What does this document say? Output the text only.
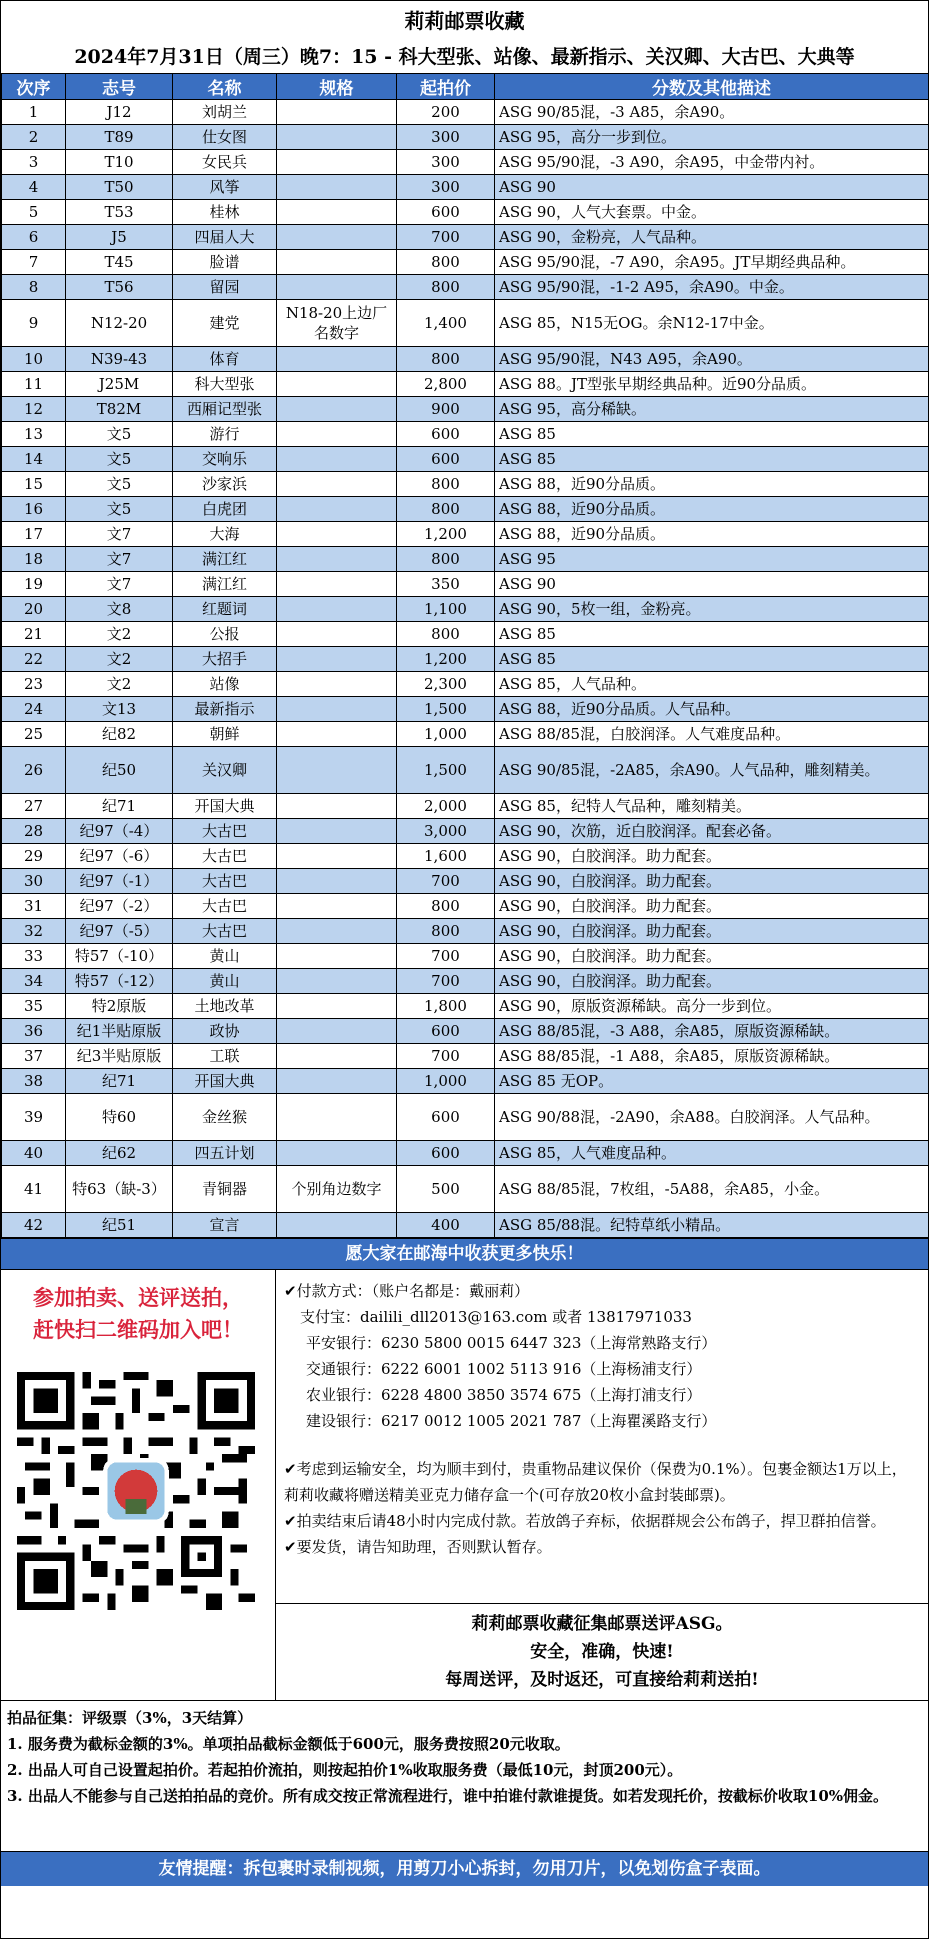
莉莉邮票收藏
2024年7月31日（周三）晚7：15 - 科大型张、站像、最新指示、关汉卿、大古巴、大典等
次序	志号	名称	规格	起拍价	分数及其他描述
1	J12	刘胡兰		200	ASG 90/85混，-3 A85，余A90。
2	T89	仕女图		300	ASG 95，高分一步到位。
3	T10	女民兵		300	ASG 95/90混，-3 A90，余A95，中金带内衬。
4	T50	风筝		300	ASG 90
5	T53	桂林		600	ASG 90，人气大套票。中金。
6	J5	四届人大		700	ASG 90，金粉亮，人气品种。
7	T45	脸谱		800	ASG 95/90混，-7 A90，余A95。JT早期经典品种。
8	T56	留园		800	ASG 95/90混，-1-2 A95，余A90。中金。
9	N12-20	建党	N18-20上边厂名数字	1,400	ASG 85，N15无OG。余N12-17中金。
10	N39-43	体育		800	ASG 95/90混，N43 A95，余A90。
11	J25M	科大型张		2,800	ASG 88。JT型张早期经典品种。近90分品质。
12	T82M	西厢记型张		900	ASG 95，高分稀缺。
13	文5	游行		600	ASG 85
14	文5	交响乐		600	ASG 85
15	文5	沙家浜		800	ASG 88，近90分品质。
16	文5	白虎团		800	ASG 88，近90分品质。
17	文7	大海		1,200	ASG 88，近90分品质。
18	文7	满江红		800	ASG 95
19	文7	满江红		350	ASG 90
20	文8	红题词		1,100	ASG 90，5枚一组，金粉亮。
21	文2	公报		800	ASG 85
22	文2	大招手		1,200	ASG 85
23	文2	站像		2,300	ASG 85，人气品种。
24	文13	最新指示		1,500	ASG 88，近90分品质。人气品种。
25	纪82	朝鲜		1,000	ASG 88/85混，白胶润泽。人气难度品种。
26	纪50	关汉卿		1,500	ASG 90/85混，-2A85，余A90。人气品种，雕刻精美。
27	纪71	开国大典		2,000	ASG 85，纪特人气品种，雕刻精美。
28	纪97（-4）	大古巴		3,000	ASG 90，次筋，近白胶润泽。配套必备。
29	纪97（-6）	大古巴		1,600	ASG 90，白胶润泽。助力配套。
30	纪97（-1）	大古巴		700	ASG 90，白胶润泽。助力配套。
31	纪97（-2）	大古巴		800	ASG 90，白胶润泽。助力配套。
32	纪97（-5）	大古巴		800	ASG 90，白胶润泽。助力配套。
33	特57（-10）	黄山		700	ASG 90，白胶润泽。助力配套。
34	特57（-12）	黄山		700	ASG 90，白胶润泽。助力配套。
35	特2原版	土地改革		1,800	ASG 90，原版资源稀缺。高分一步到位。
36	纪1半贴原版	政协		600	ASG 88/85混，-3 A88，余A85，原版资源稀缺。
37	纪3半贴原版	工联		700	ASG 88/85混，-1 A88，余A85，原版资源稀缺。
38	纪71	开国大典		1,000	ASG 85 无OP。
39	特60	金丝猴		600	ASG 90/88混，-2A90，余A88。白胶润泽。人气品种。
40	纪62	四五计划		600	ASG 85，人气难度品种。
41	特63（缺-3）	青铜器	个别角边数字	500	ASG 88/85混，7枚组，-5A88，余A85，小金。
42	纪51	宣言		400	ASG 85/88混。纪特草纸小精品。
愿大家在邮海中收获更多快乐！
参加拍卖、送评送拍，
赶快扫二维码加入吧！
✔付款方式：（账户名都是：戴丽莉）
支付宝：dailili_dll2013@163.com 或者 13817971033
平安银行：6230 5800 0015 6447 323（上海常熟路支行）
交通银行：6222 6001 1002 5113 916（上海杨浦支行）
农业银行：6228 4800 3850 3574 675（上海打浦支行）
建设银行：6217 0012 1005 2021 787（上海瞿溪路支行）

✔考虑到运输安全，均为顺丰到付，贵重物品建议保价（保费为0.1%）。包裹金额达1万以上，莉莉收藏将赠送精美亚克力储存盒一个(可存放20枚小盒封装邮票)。

✔拍卖结束后请48小时内完成付款。若放鸽子弃标，依据群规会公布鸽子，捍卫群拍信誉。

✔要发货，请告知助理，否则默认暂存。

莉莉邮票收藏征集邮票送评ASG。
安全，准确，快速!
每周送评，及时返还，可直接给莉莉送拍!

拍品征集：评级票（3%，3天结算）

1. 服务费为截标金额的3%。单项拍品截标金额低于600元，服务费按照20元收取。

2. 出品人可自己设置起拍价。若起拍价流拍，则按起拍价1%收取服务费（最低10元，封顶200元）。

3. 出品人不能参与自己送拍拍品的竞价。所有成交按正常流程进行，谁中拍谁付款谁提货。如若发现托价，按截标价收取10%佣金。

友情提醒：拆包裹时录制视频，用剪刀小心拆封，勿用刀片，以免划伤盒子表面。
